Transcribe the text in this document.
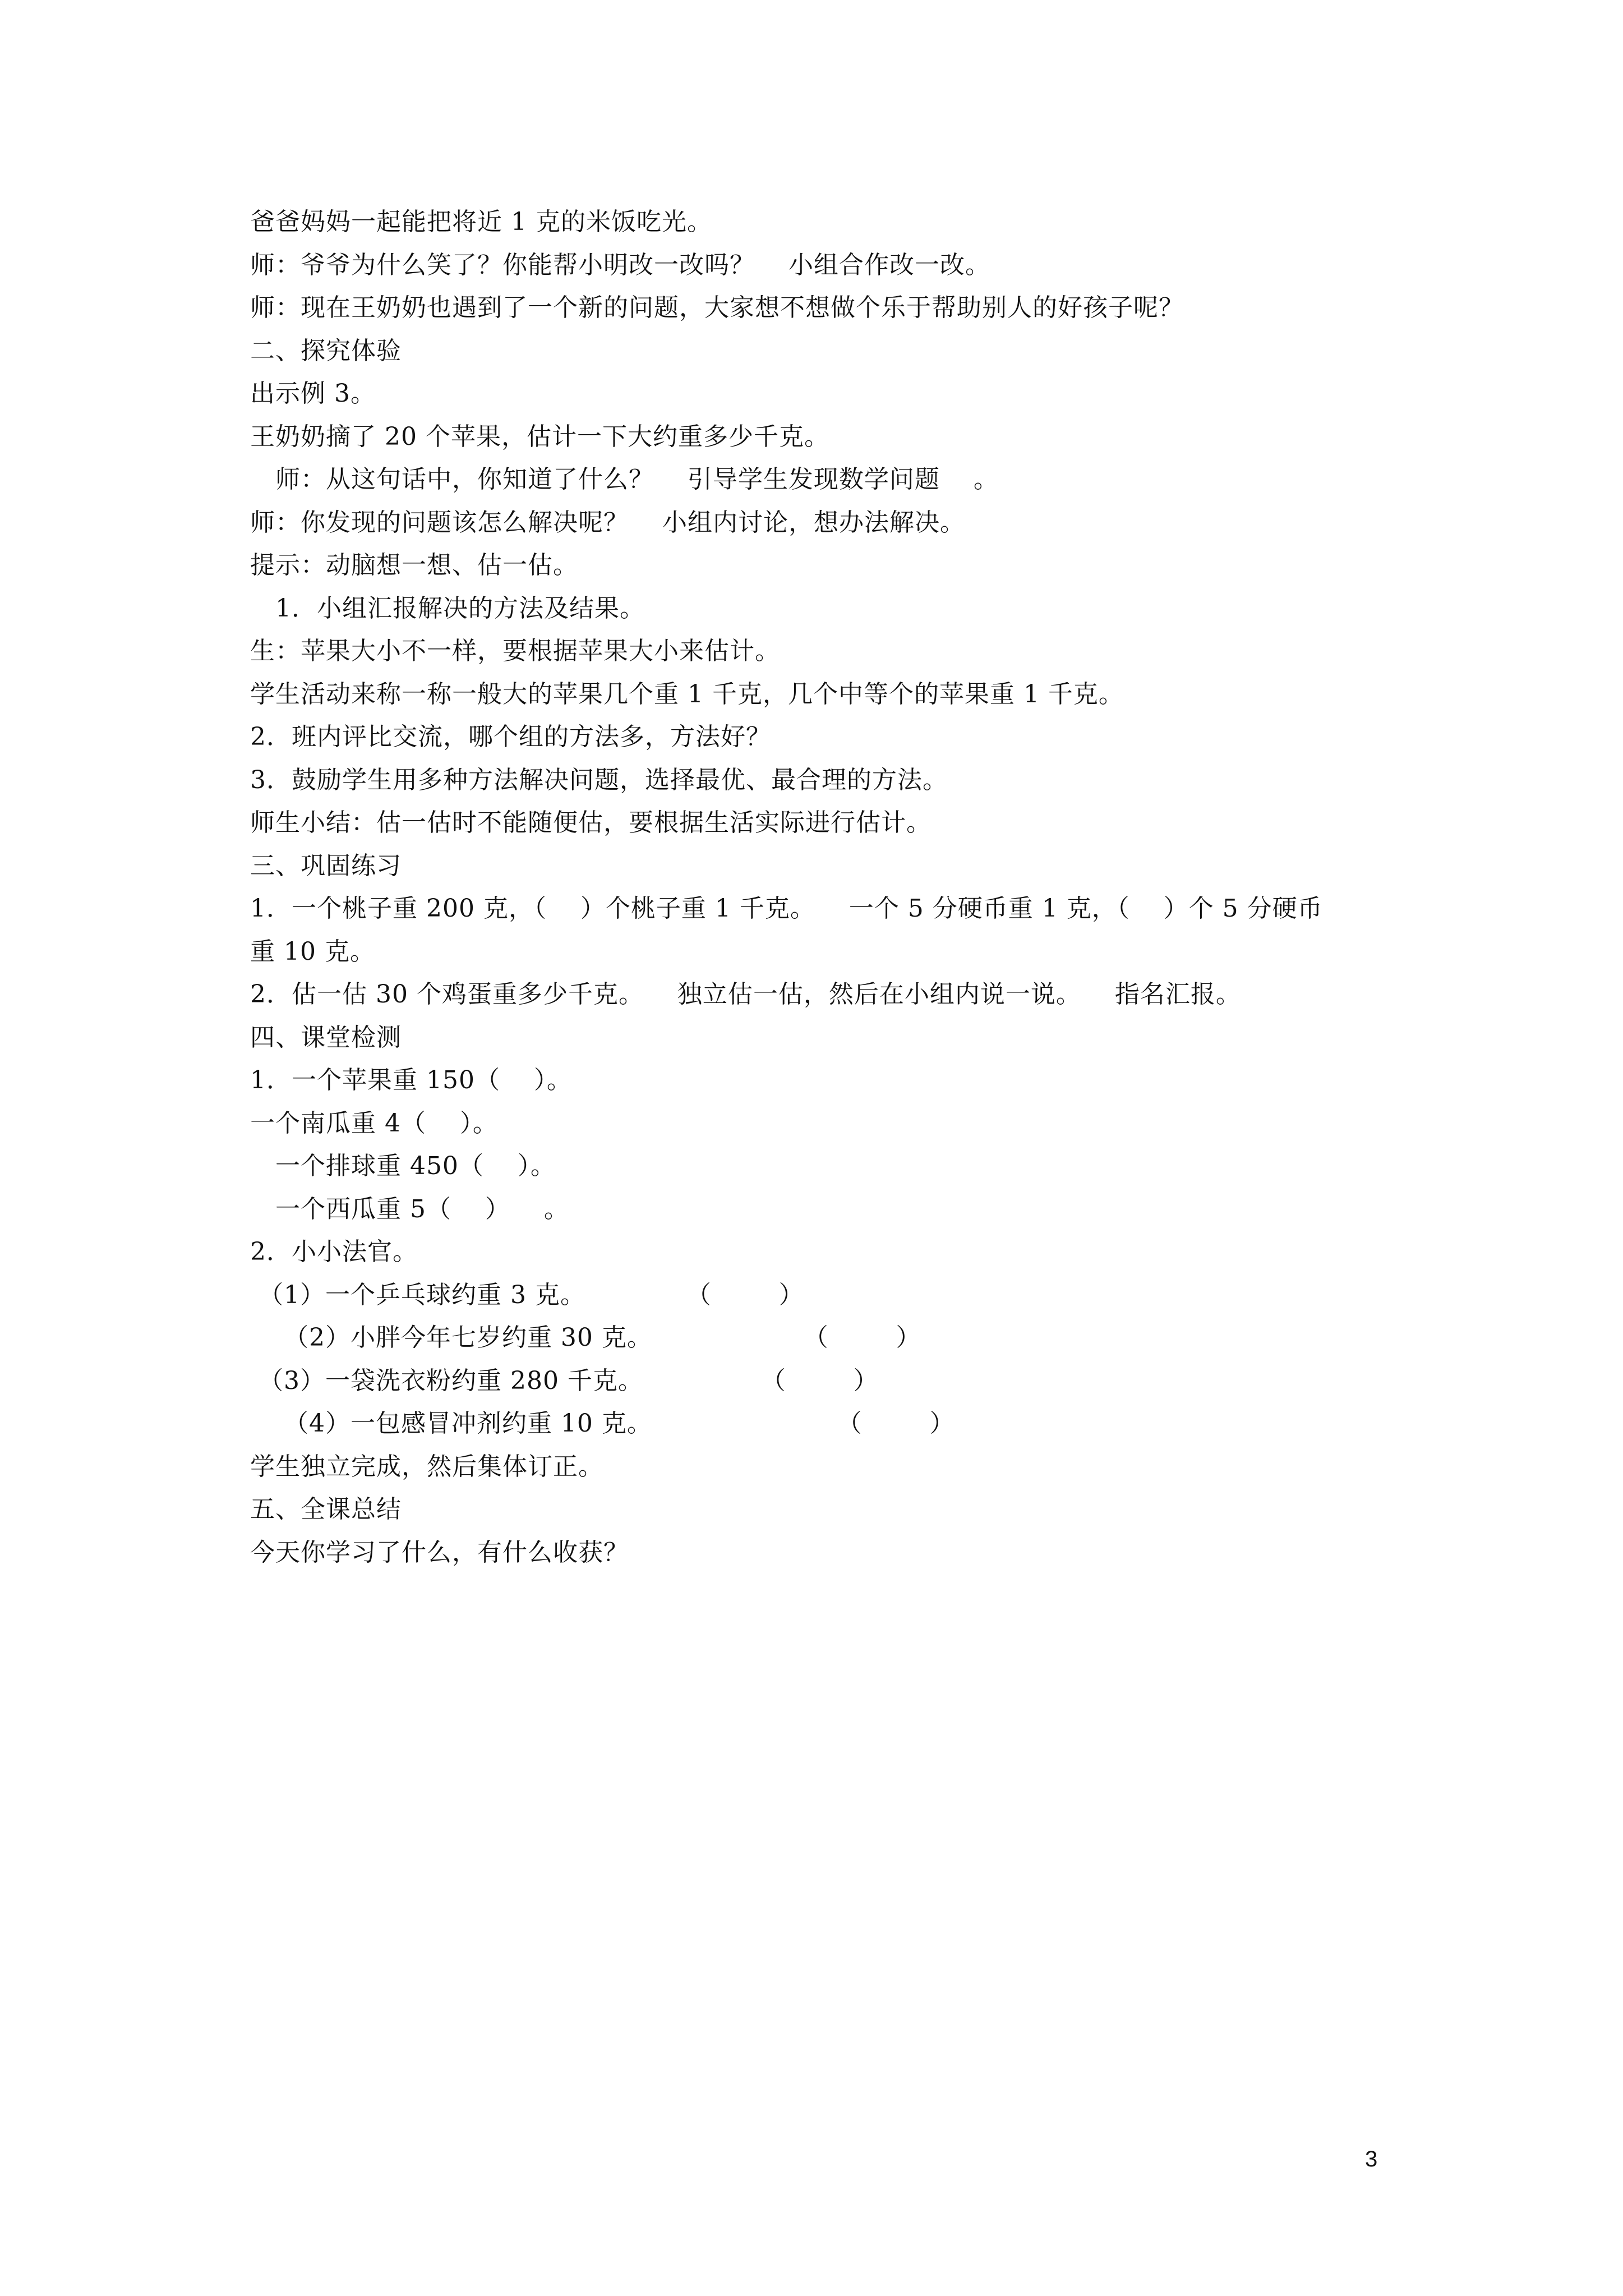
爸爸妈妈一起能把将近 1 克的米饭吃光。
师：爷爷为什么笑了？你能帮小明改一改吗？    小组合作改一改。
师：现在王奶奶也遇到了一个新的问题，大家想不想做个乐于帮助别人的好孩子呢？
二、探究体验
出示例 3。
王奶奶摘了 20 个苹果，估计一下大约重多少千克。
师：从这句话中，你知道了什么？    引导学生发现数学问题    。
师：你发现的问题该怎么解决呢？    小组内讨论，想办法解决。
提示：动脑想一想、估一估。
1．小组汇报解决的方法及结果。
生：苹果大小不一样，要根据苹果大小来估计。
学生活动来称一称一般大的苹果几个重 1 千克，几个中等个的苹果重 1 千克。
2．班内评比交流，哪个组的方法多，方法好？
3．鼓励学生用多种方法解决问题，选择最优、最合理的方法。
师生小结：估一估时不能随便估，要根据生活实际进行估计。
三、巩固练习
1．一个桃子重 200 克，（    ）个桃子重 1 千克。    一个 5 分硬币重 1 克，（    ）个 5 分硬币
重 10 克。
2．估一估 30 个鸡蛋重多少千克。    独立估一估，然后在小组内说一说。    指名汇报。
四、课堂检测
1．一个苹果重 150（    ）。
一个南瓜重 4（    ）。
一个排球重 450（    ）。
一个西瓜重 5（    ）    。
2．小小法官。
（1）一个乒乓球约重 3 克。            （        ）
（2）小胖今年七岁约重 30 克。                  （        ）
（3）一袋洗衣粉约重 280 千克。              （        ）
（4）一包感冒冲剂约重 10 克。                      （        ）
学生独立完成，然后集体订正。
五、全课总结
今天你学习了什么，有什么收获？
3
